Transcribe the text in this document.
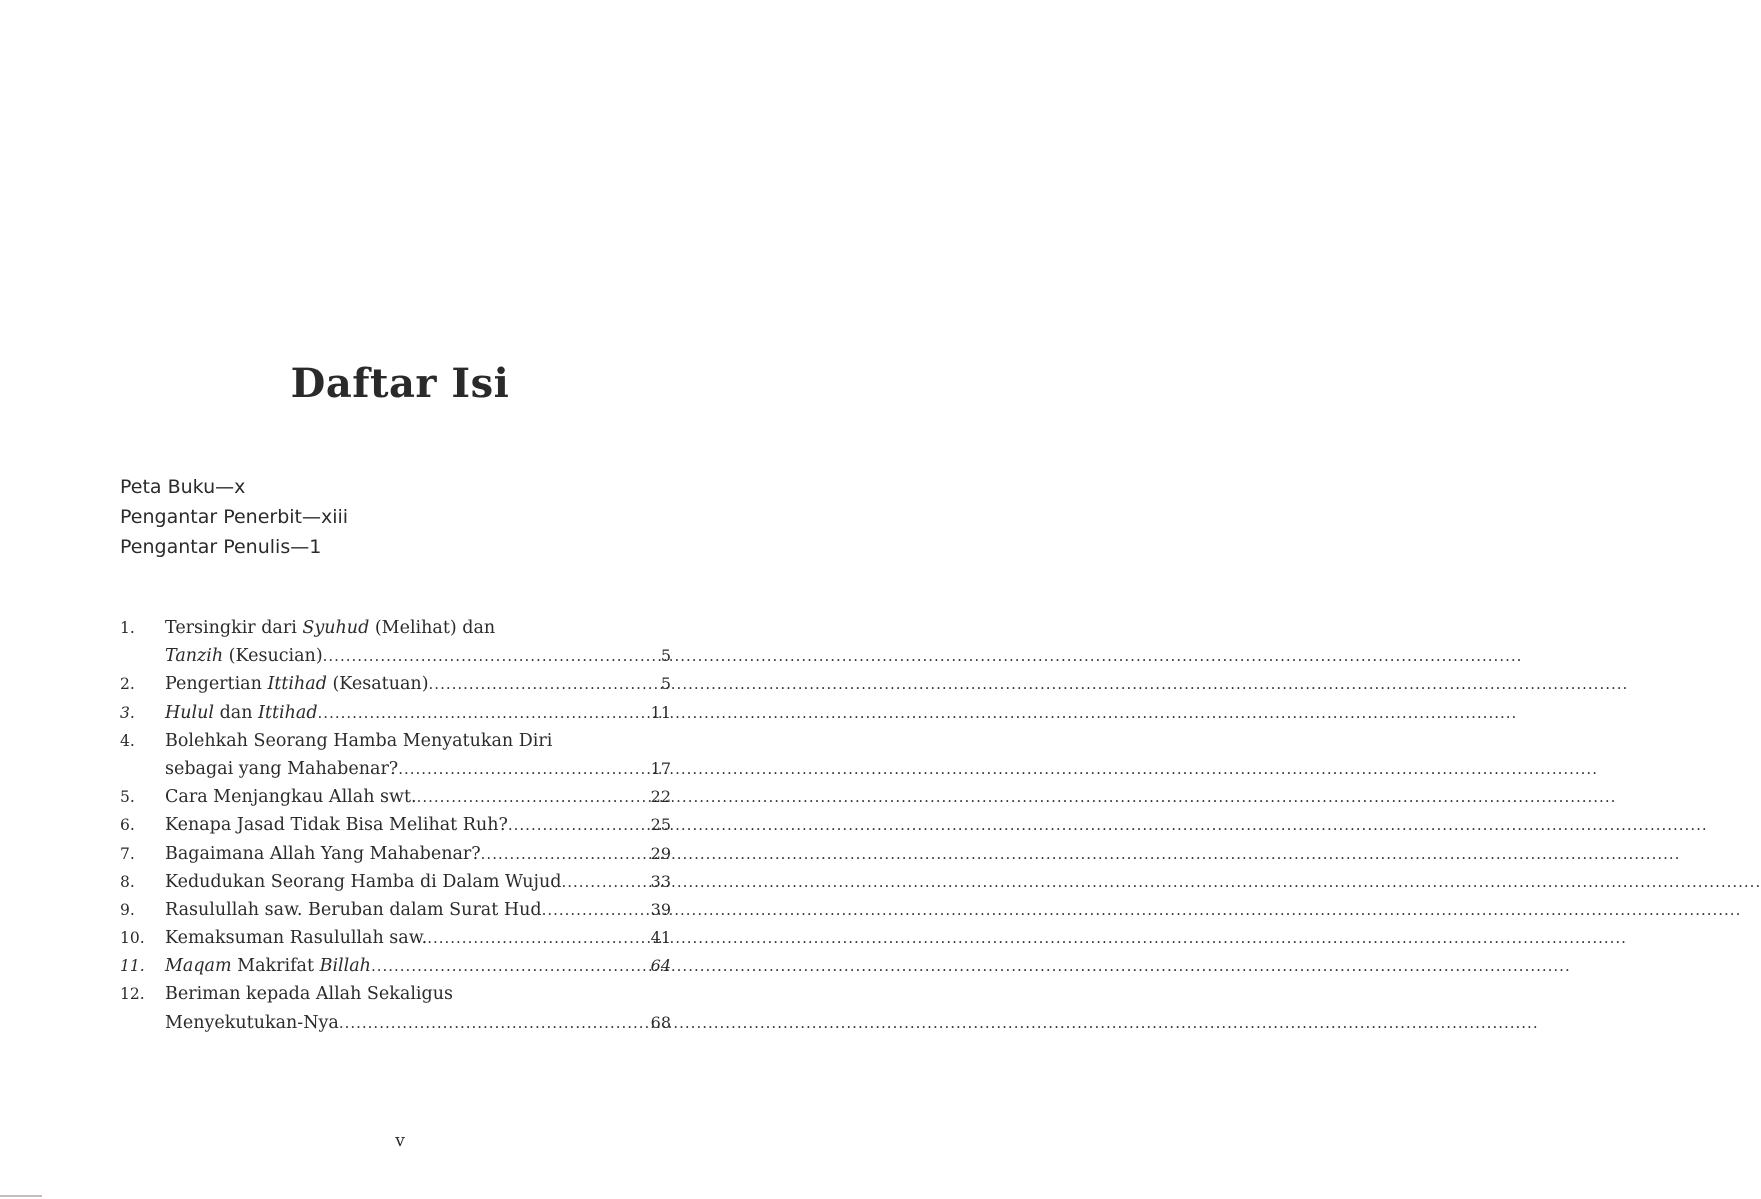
Daftar Isi
Peta Buku—x
Pengantar Penerbit—xiii
Pengantar Penulis—1
1.	Tersingkir dari Syuhud (Melihat) dan
Tanzih (Kesucian) .....	5
2.	Pengertian Ittihad (Kesatuan) .....	5
3.	Hulul dan Ittihad .....	11
4.	Bolehkah Seorang Hamba Menyatukan Diri
sebagai yang Mahabenar? .....	17
5.	Cara Menjangkau Allah swt. .....	22
6.	Kenapa Jasad Tidak Bisa Melihat Ruh? .....	25
7.	Bagaimana Allah Yang Mahabenar? .....	29
8.	Kedudukan Seorang Hamba di Dalam Wujud .....	33
9.	Rasulullah saw. Beruban dalam Surat Hud .....	39
10.	Kemaksuman Rasulullah saw. .....	41
11.	Maqam Makrifat Billah .....	64
12.	Beriman kepada Allah Sekaligus
Menyekutukan-Nya .....	68
v
